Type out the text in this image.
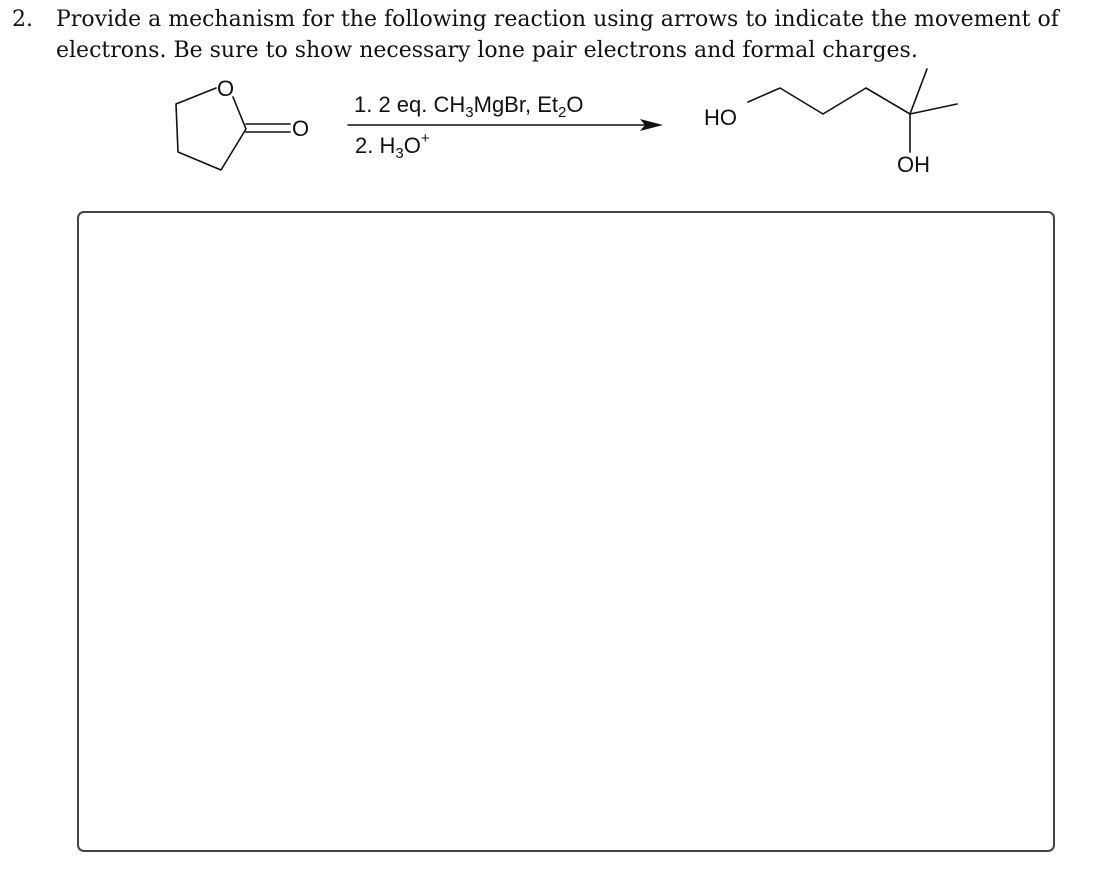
2. Provide a mechanism for the following reaction using arrows to indicate the movement of
electrons. Be sure to show necessary lone pair electrons and formal charges.
O
O
1. 2 eq. $CH_3MgBr$, $Et_2O$
2. $H_3O^+$
HO
OH
